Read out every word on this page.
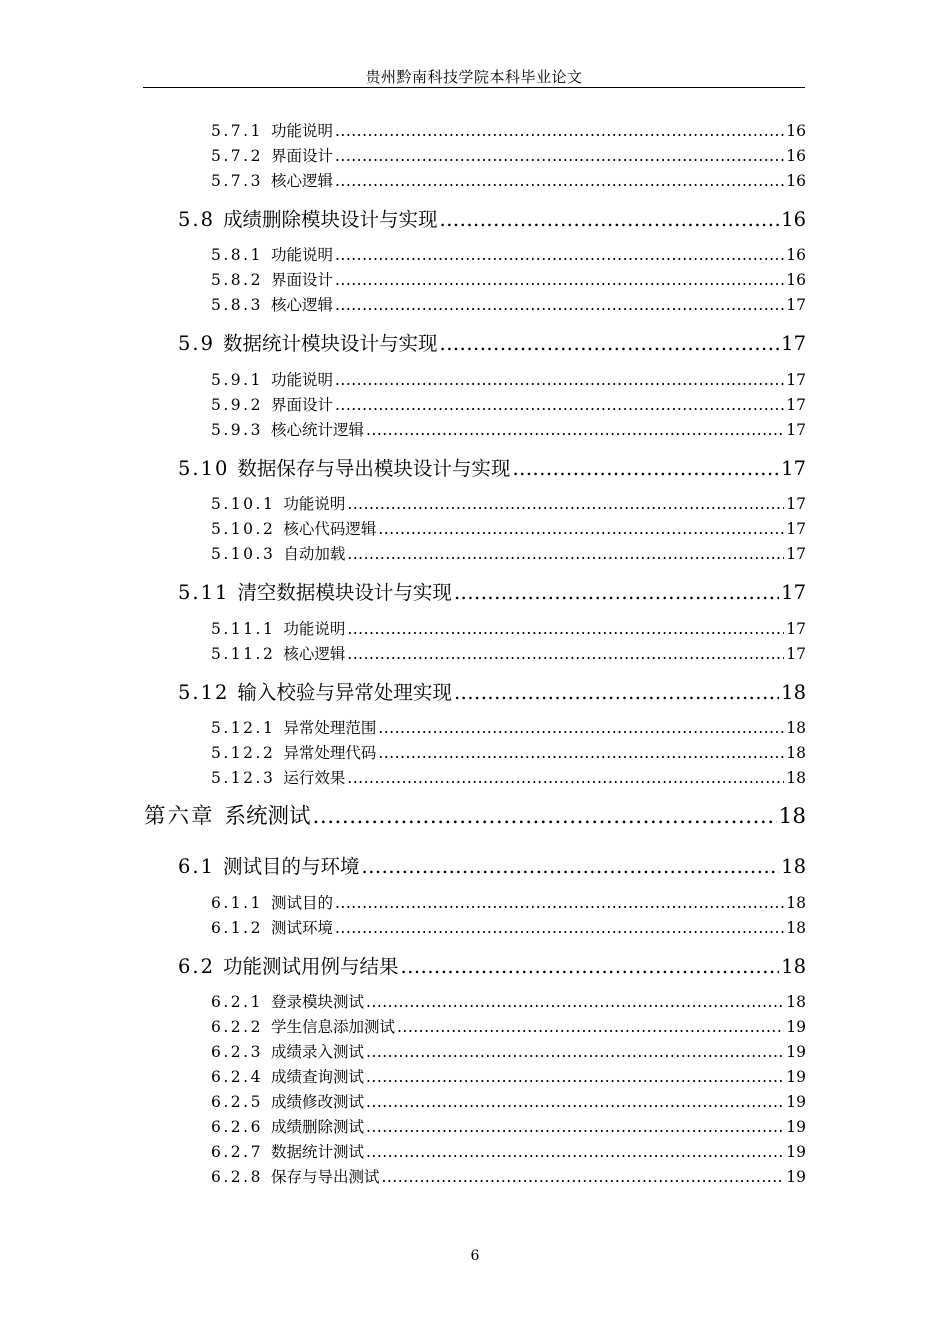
贵州黔南科技学院本科毕业论文
5.7.1 功能说明 .....	16
5.7.2 界面设计 .....	16
5.7.3 核心逻辑 .....	16
5.8 成绩删除模块设计与实现 .....	16
5.8.1 功能说明 .....	16
5.8.2 界面设计 .....	16
5.8.3 核心逻辑 .....	17
5.9 数据统计模块设计与实现 .....	17
5.9.1 功能说明 .....	17
5.9.2 界面设计 .....	17
5.9.3 核心统计逻辑 .....	17
5.10 数据保存与导出模块设计与实现 .....	17
5.10.1 功能说明 .....	17
5.10.2 核心代码逻辑 .....	17
5.10.3 自动加载 .....	17
5.11 清空数据模块设计与实现 .....	17
5.11.1 功能说明 .....	17
5.11.2 核心逻辑 .....	17
5.12 输入校验与异常处理实现 .....	18
5.12.1 异常处理范围 .....	18
5.12.2 异常处理代码 .....	18
5.12.3 运行效果 .....	18
第六章 系统测试 .....	18
6.1 测试目的与环境 .....	18
6.1.1 测试目的 .....	18
6.1.2 测试环境 .....	18
6.2 功能测试用例与结果 .....	18
6.2.1 登录模块测试 .....	18
6.2.2 学生信息添加测试 .....	19
6.2.3 成绩录入测试 .....	19
6.2.4 成绩查询测试 .....	19
6.2.5 成绩修改测试 .....	19
6.2.6 成绩删除测试 .....	19
6.2.7 数据统计测试 .....	19
6.2.8 保存与导出测试 .....	19
6
